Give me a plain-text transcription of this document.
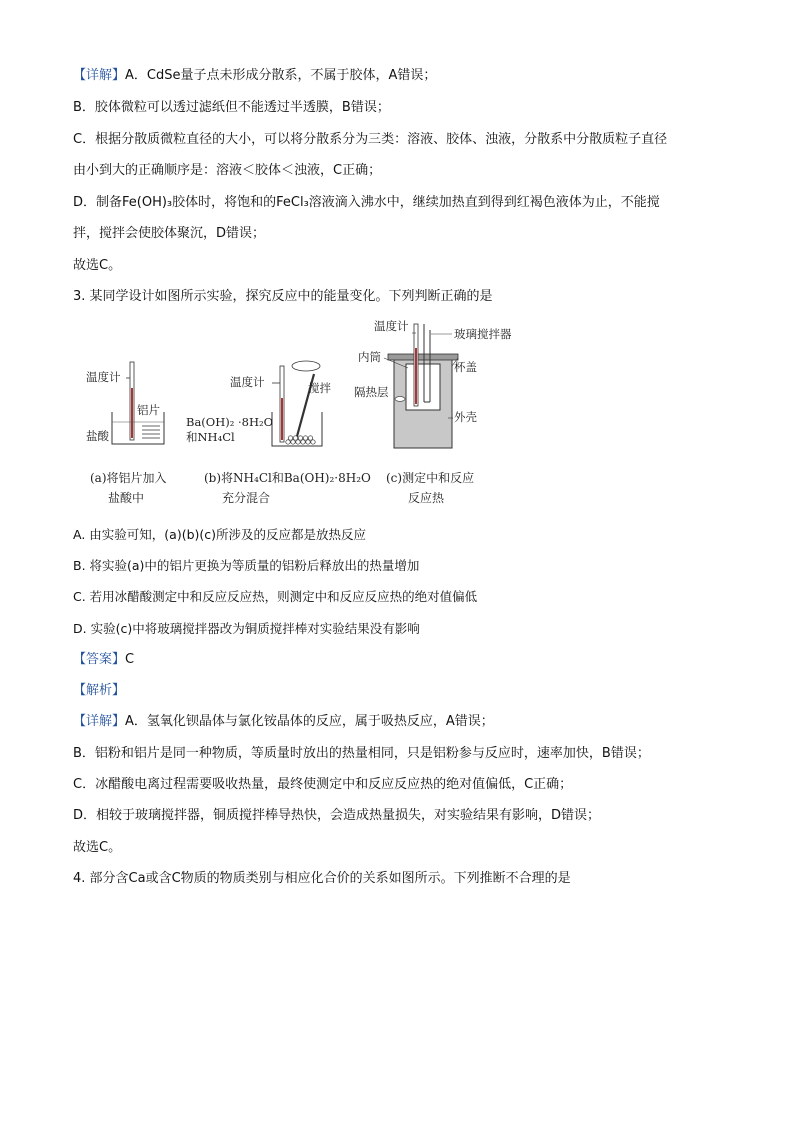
【详解】A．CdSe量子点未形成分散系，不属于胶体，A错误；
B．胶体微粒可以透过滤纸但不能透过半透膜，B错误；
C．根据分散质微粒直径的大小，可以将分散系分为三类：溶液、胶体、浊液，分散系中分散质粒子直径
由小到大的正确顺序是：溶液＜胶体＜浊液，C正确；
D．制备Fe(OH)₃胶体时，将饱和的FeCl₃溶液滴入沸水中，继续加热直到得到红褐色液体为止，不能搅
拌，搅拌会使胶体聚沉，D错误；
故选C。
3. 某同学设计如图所示实验，探究反应中的能量变化。下列判断正确的是
温度计
铝片
盐酸
温度计	搅拌
Ba(OH)₂ ·8H₂O
和NH₄Cl
温度计
玻璃搅拌器
内筒
杯盖
隔热层
外壳
(a)将铝片加入
盐酸中
(b)将NH₄Cl和Ba(OH)₂·8H₂O
充分混合
(c)测定中和反应
反应热
A. 由实验可知，(a)(b)(c)所涉及的反应都是放热反应
B. 将实验(a)中的铝片更换为等质量的铝粉后释放出的热量增加
C. 若用冰醋酸测定中和反应反应热，则测定中和反应反应热的绝对值偏低
D. 实验(c)中将玻璃搅拌器改为铜质搅拌棒对实验结果没有影响
【答案】C
【解析】
【详解】A．氢氧化钡晶体与氯化铵晶体的反应，属于吸热反应，A错误；
B．铝粉和铝片是同一种物质，等质量时放出的热量相同，只是铝粉参与反应时，速率加快，B错误；
C．冰醋酸电离过程需要吸收热量，最终使测定中和反应反应热的绝对值偏低，C正确；
D．相较于玻璃搅拌器，铜质搅拌棒导热快，会造成热量损失，对实验结果有影响，D错误；
故选C。
4. 部分含Ca或含C物质的物质类别与相应化合价的关系如图所示。下列推断不合理的是
